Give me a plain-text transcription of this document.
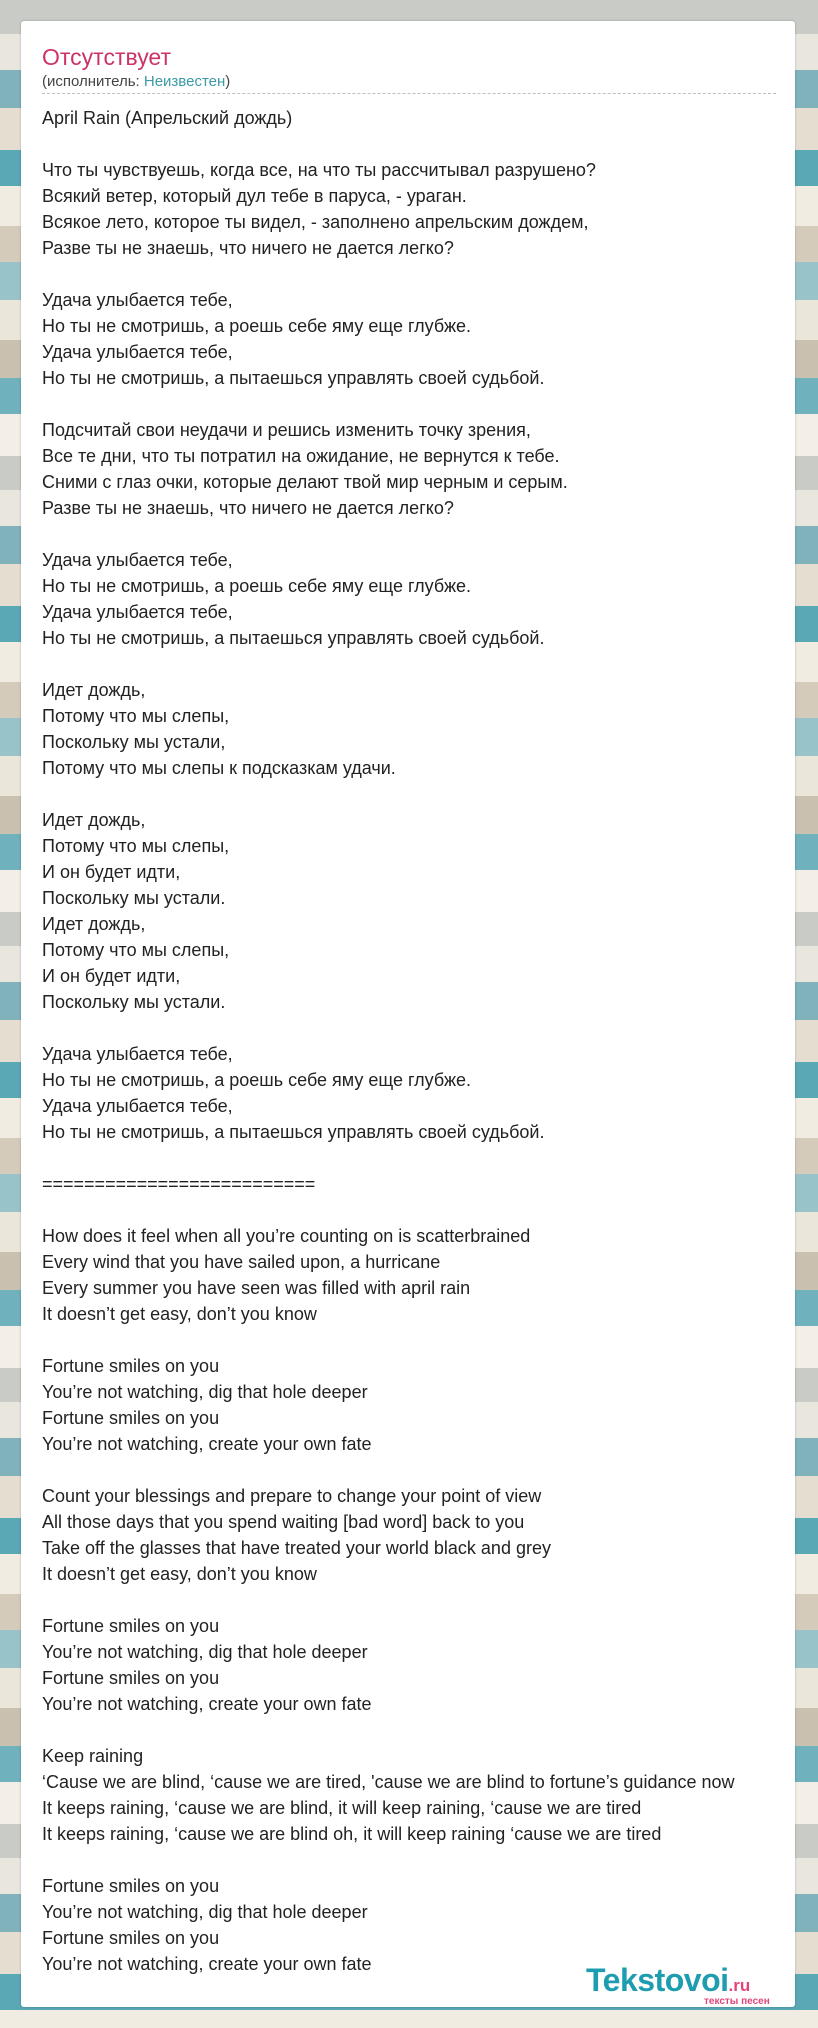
Отсутствует
(исполнитель: Неизвестен)
April Rain (Апрельский дождь)

Что ты чувствуешь, когда все, на что ты рассчитывал разрушено?
Всякий ветер, который дул тебе в паруса, - ураган.
Всякое лето, которое ты видел, - заполнено апрельским дождем,
Разве ты не знаешь, что ничего не дается легко?

Удача улыбается тебе,
Но ты не смотришь, а роешь себе яму еще глубже.
Удача улыбается тебе,
Но ты не смотришь, а пытаешься управлять своей судьбой.

Подсчитай свои неудачи и решись изменить точку зрения,
Все те дни, что ты потратил на ожидание, не вернутся к тебе.
Сними с глаз очки, которые делают твой мир черным и серым.
Разве ты не знаешь, что ничего не дается легко?

Удача улыбается тебе,
Но ты не смотришь, а роешь себе яму еще глубже.
Удача улыбается тебе,
Но ты не смотришь, а пытаешься управлять своей судьбой.

Идет дождь,
Потому что мы слепы,
Поскольку мы устали,
Потому что мы слепы к подсказкам удачи.

Идет дождь,
Потому что мы слепы,
И он будет идти,
Поскольку мы устали.
Идет дождь,
Потому что мы слепы,
И он будет идти,
Поскольку мы устали.

Удача улыбается тебе,
Но ты не смотришь, а роешь себе яму еще глубже.
Удача улыбается тебе,
Но ты не смотришь, а пытаешься управлять своей судьбой.

==========================

How does it feel when all you’re counting on is scatterbrained
Every wind that you have sailed upon, a hurricane
Every summer you have seen was filled with april rain
It doesn’t get easy, don’t you know

Fortune smiles on you
You’re not watching, dig that hole deeper
Fortune smiles on you
You’re not watching, create your own fate

Count your blessings and prepare to change your point of view
All those days that you spend waiting [bad word] back to you
Take off the glasses that have treated your world black and grey
It doesn’t get easy, don’t you know

Fortune smiles on you
You’re not watching, dig that hole deeper
Fortune smiles on you
You’re not watching, create your own fate

Keep raining
‘Cause we are blind, ‘cause we are tired, 'cause we are blind to fortune’s guidance now
It keeps raining, ‘cause we are blind, it will keep raining, ‘cause we are tired
It keeps raining, ‘cause we are blind oh, it will keep raining ‘cause we are tired

Fortune smiles on you
You’re not watching, dig that hole deeper
Fortune smiles on you
You’re not watching, create your own fate	Tekstovoi.ru
тексты песен
